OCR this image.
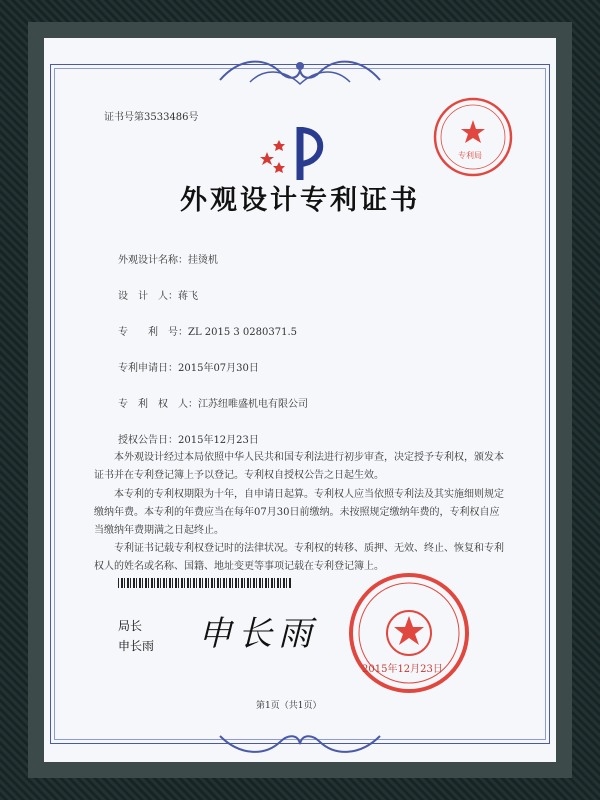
证书号第3533486号
专利局
外观设计专利证书
外观设计名称：挂烫机
设　计　人：蒋飞
专　　利　号：ZL 2015 3 0280371.5
专利申请日：2015年07月30日
专　利　权　人：江苏纽唯盛机电有限公司
授权公告日：2015年12月23日
本外观设计经过本局依照中华人民共和国专利法进行初步审查，决定授予专利权，颁发本证书并在专利登记簿上予以登记。专利权自授权公告之日起生效。
本专利的专利权期限为十年，自申请日起算。专利权人应当依照专利法及其实施细则规定缴纳年费。本专利的年费应当在每年07月30日前缴纳。未按照规定缴纳年费的，专利权自应当缴纳年费期满之日起终止。
专利证书记载专利权登记时的法律状况。专利权的转移、质押、无效、终止、恢复和专利权人的姓名或名称、国籍、地址变更等事项记载在专利登记簿上。
局长
申长雨 申长雨
2015年12月23日
第1页（共1页）
